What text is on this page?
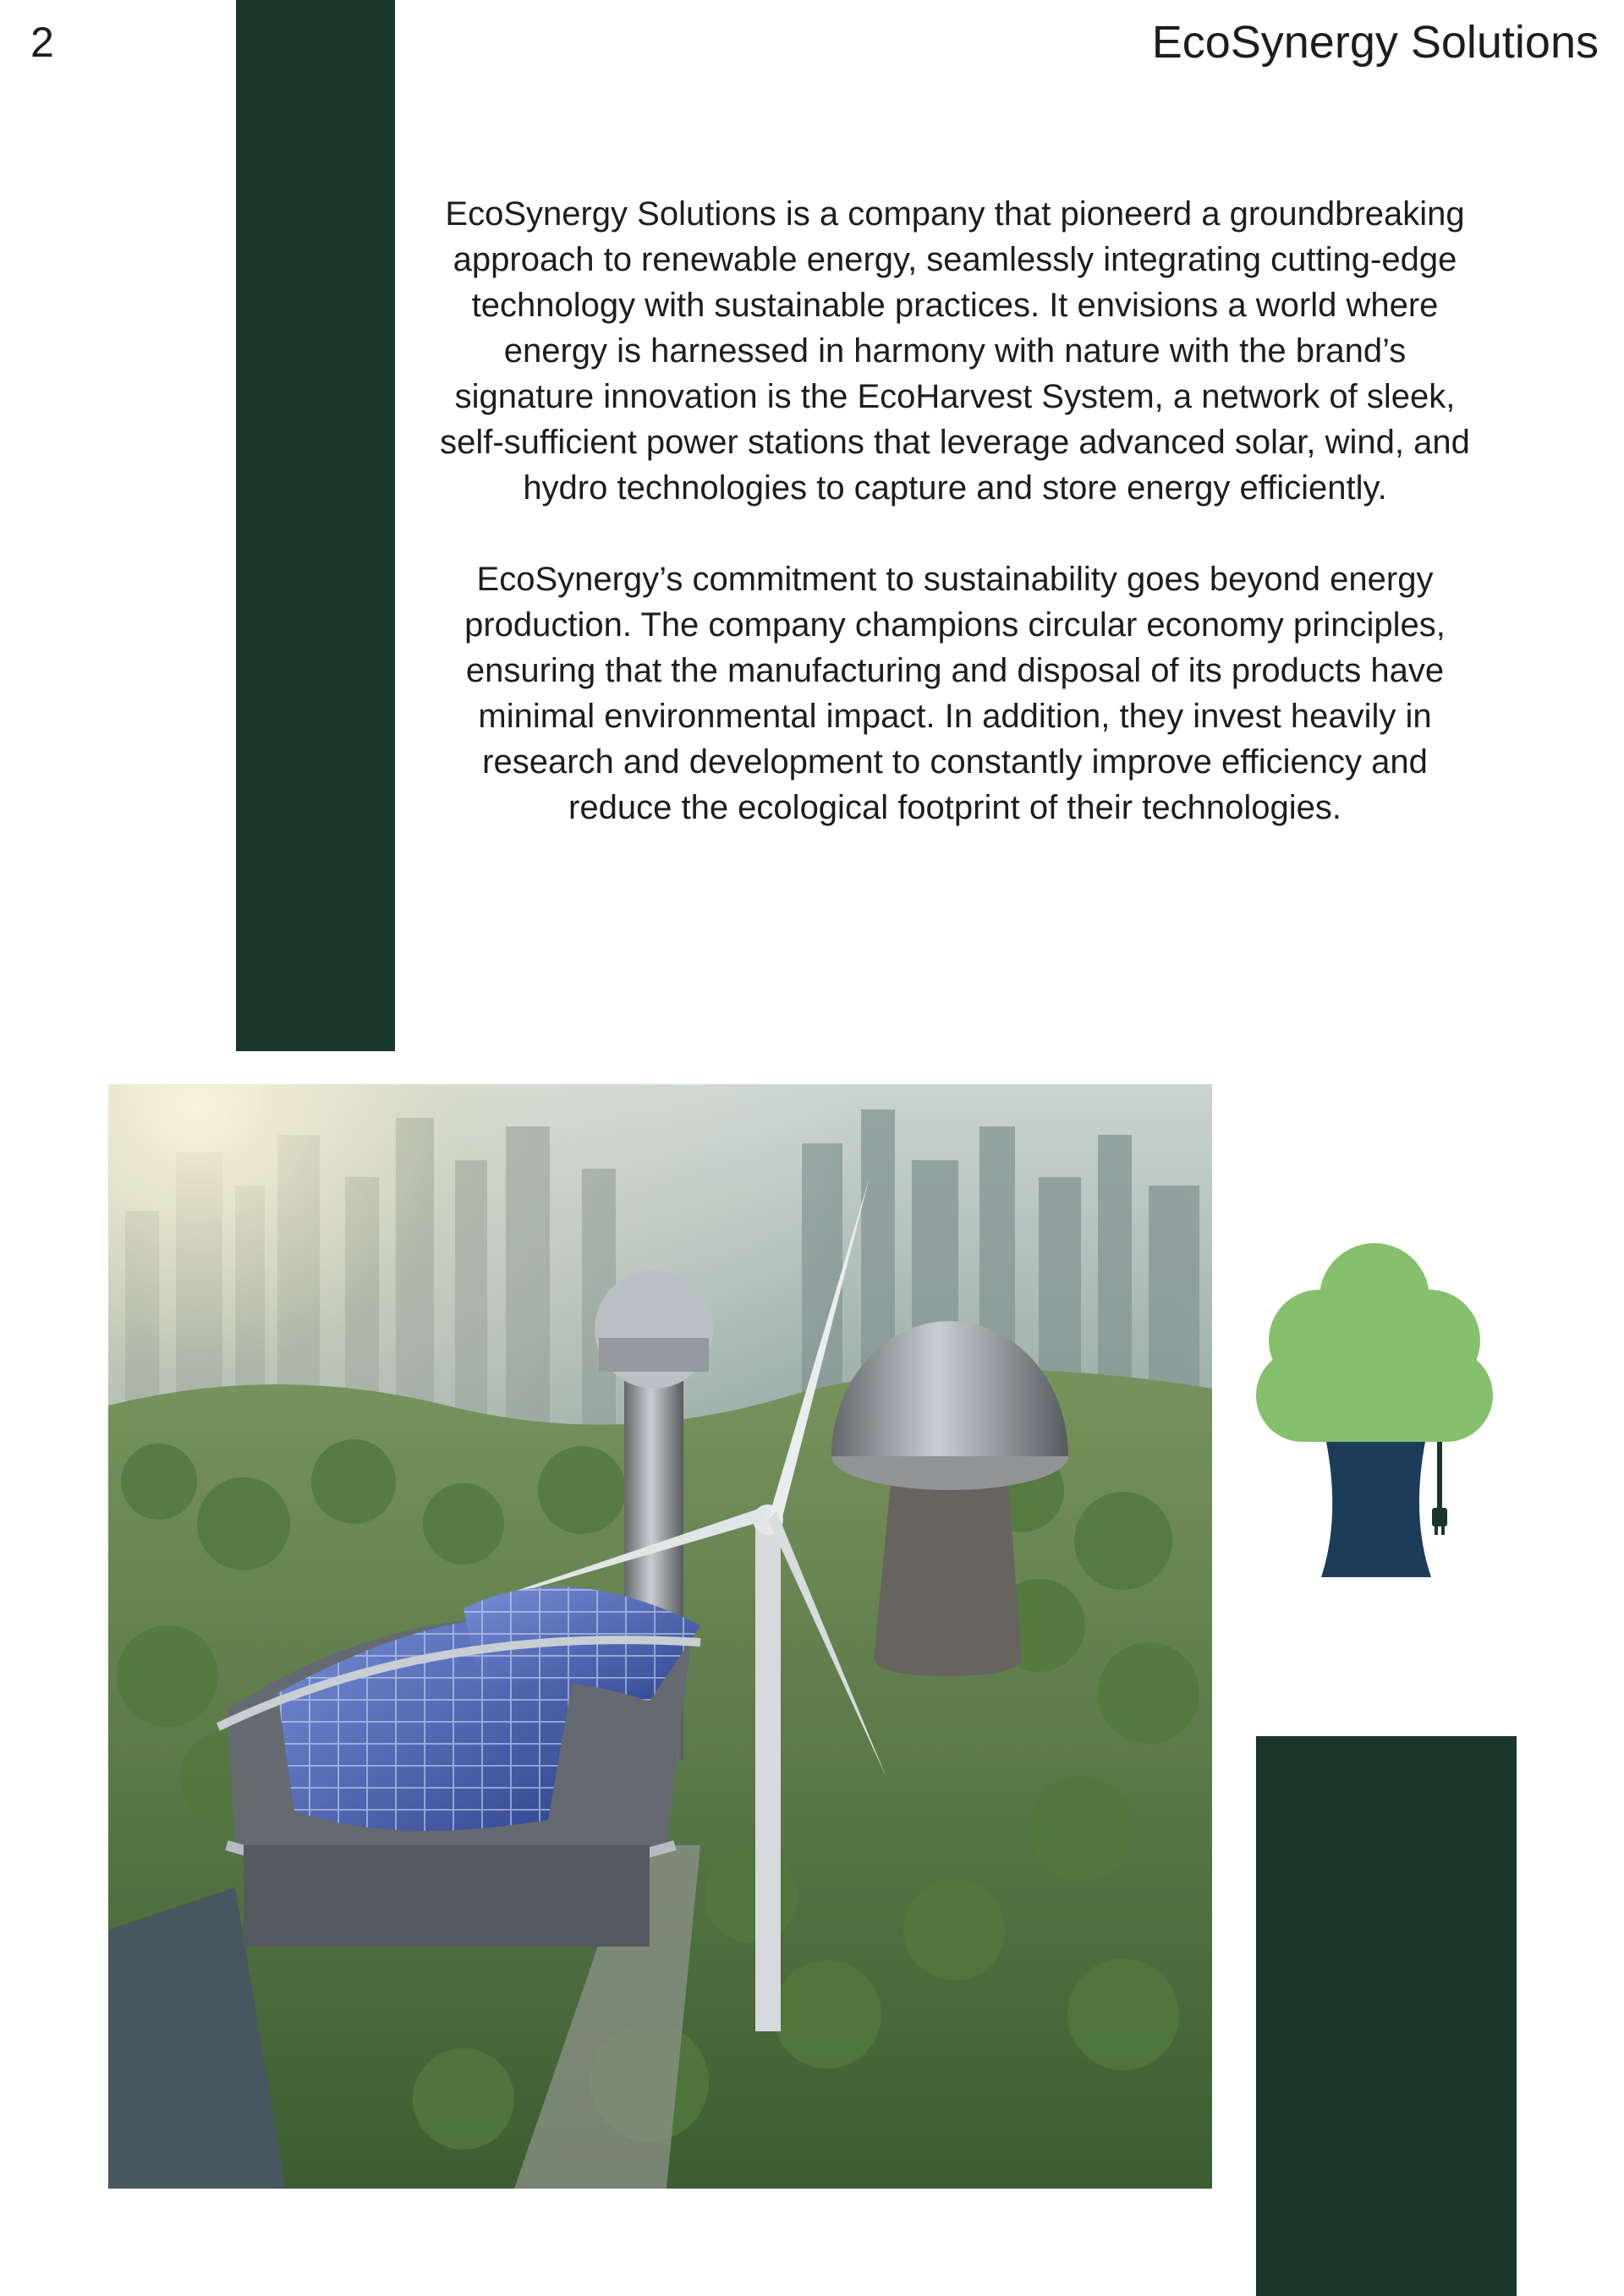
2	EcoSynergy Solutions

EcoSynergy Solutions is a company that pioneerd a groundbreaking approach to renewable energy, seamlessly integrating cutting-edge technology with sustainable practices. It envisions a world where energy is harnessed in harmony with nature with the brand’s signature innovation is the EcoHarvest System, a network of sleek, self-sufficient power stations that leverage advanced solar, wind, and hydro technologies to capture and store energy efficiently.

EcoSynergy’s commitment to sustainability goes beyond energy production. The company champions circular economy principles, ensuring that the manufacturing and disposal of its products have minimal environmental impact. In addition, they invest heavily in research and development to constantly improve efficiency and reduce the ecological footprint of their technologies.
